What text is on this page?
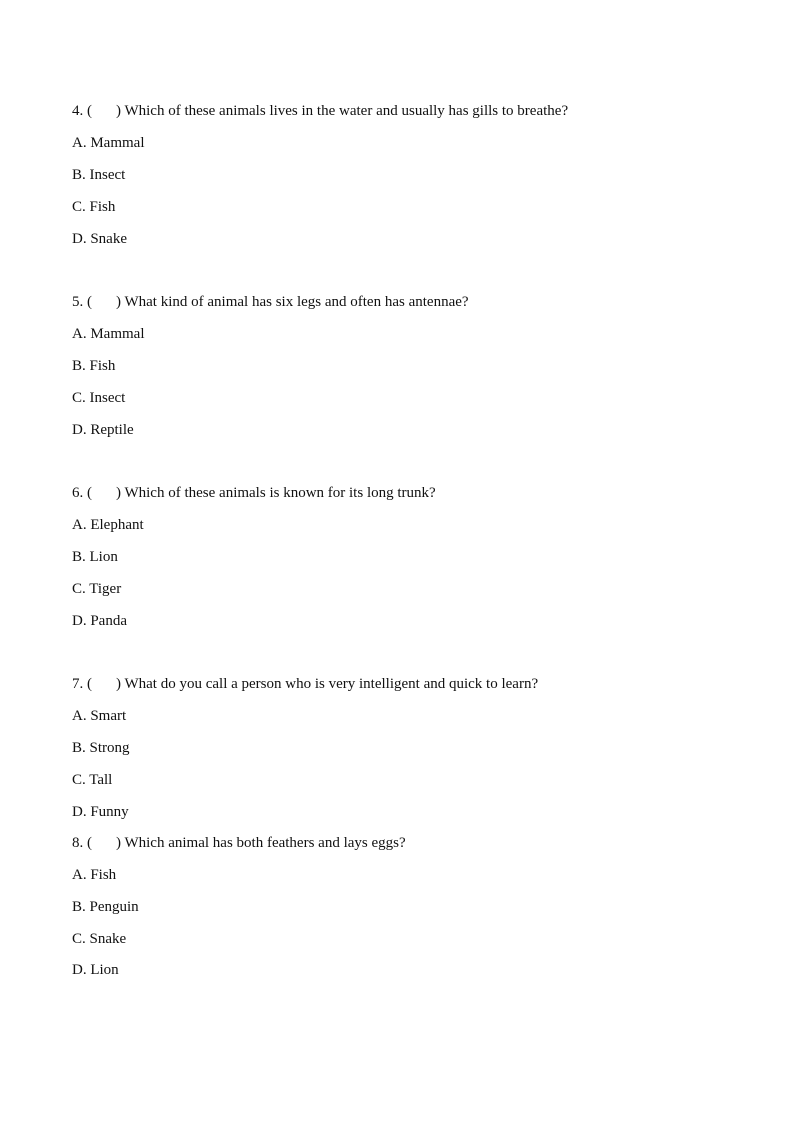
4. ( ) Which of these animals lives in the water and usually has gills to breathe?
A. Mammal
B. Insect
C. Fish
D. Snake
5. ( ) What kind of animal has six legs and often has antennae?
A. Mammal
B. Fish
C. Insect
D. Reptile
6. ( ) Which of these animals is known for its long trunk?
A. Elephant
B. Lion
C. Tiger
D. Panda
7. ( ) What do you call a person who is very intelligent and quick to learn?
A. Smart
B. Strong
C. Tall
D. Funny
8. ( ) Which animal has both feathers and lays eggs?
A. Fish
B. Penguin
C. Snake
D. Lion
